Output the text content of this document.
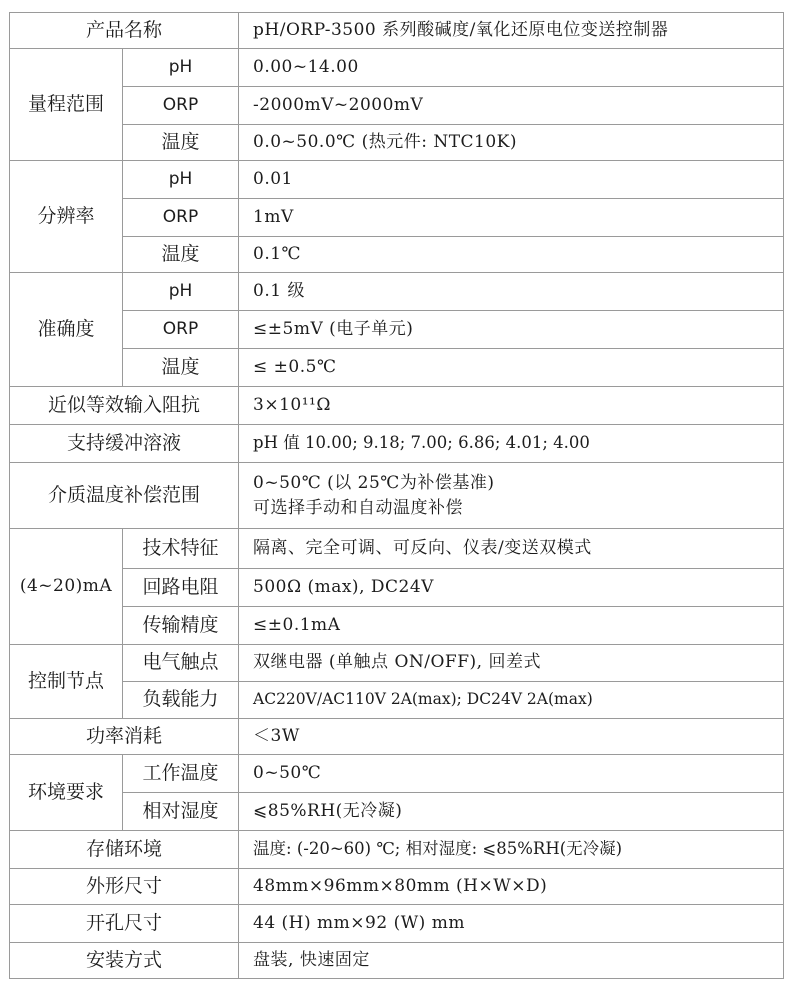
产品名称		pH/ORP-3500 系列酸碱度/氧化还原电位变送控制器
量程范围	pH	0.00~14.00
	ORP	-2000mV~2000mV
	温度	0.0~50.0℃ (热元件: NTC10K)
分辨率	pH	0.01
	ORP	1mV
	温度	0.1℃
准确度	pH	0.1 级
	ORP	≤±5mV (电子单元)
	温度	≤ ±0.5℃
近似等效输入阻抗		3×10¹¹Ω
支持缓冲溶液		pH 值 10.00; 9.18; 7.00; 6.86; 4.01; 4.00
介质温度补偿范围		0~50℃ (以 25℃为补偿基准)
可选择手动和自动温度补偿

(4~20)mA	技术特征	隔离、完全可调、可反向、仪表/变送双模式
	回路电阻	500Ω (max), DC24V
	传输精度	≤±0.1mA
控制节点	电气触点	双继电器 (单触点 ON/OFF), 回差式
	负载能力	AC220V/AC110V 2A(max); DC24V 2A(max)
功率消耗		＜3W
环境要求	工作温度	0~50℃
	相对湿度	⩽85%RH(无冷凝)
存储环境		温度: (-20~60) ℃; 相对湿度: ⩽85%RH(无冷凝)
外形尺寸		48mm×96mm×80mm (H×W×D)
开孔尺寸		44 (H) mm×92 (W) mm
安装方式		盘装, 快速固定
